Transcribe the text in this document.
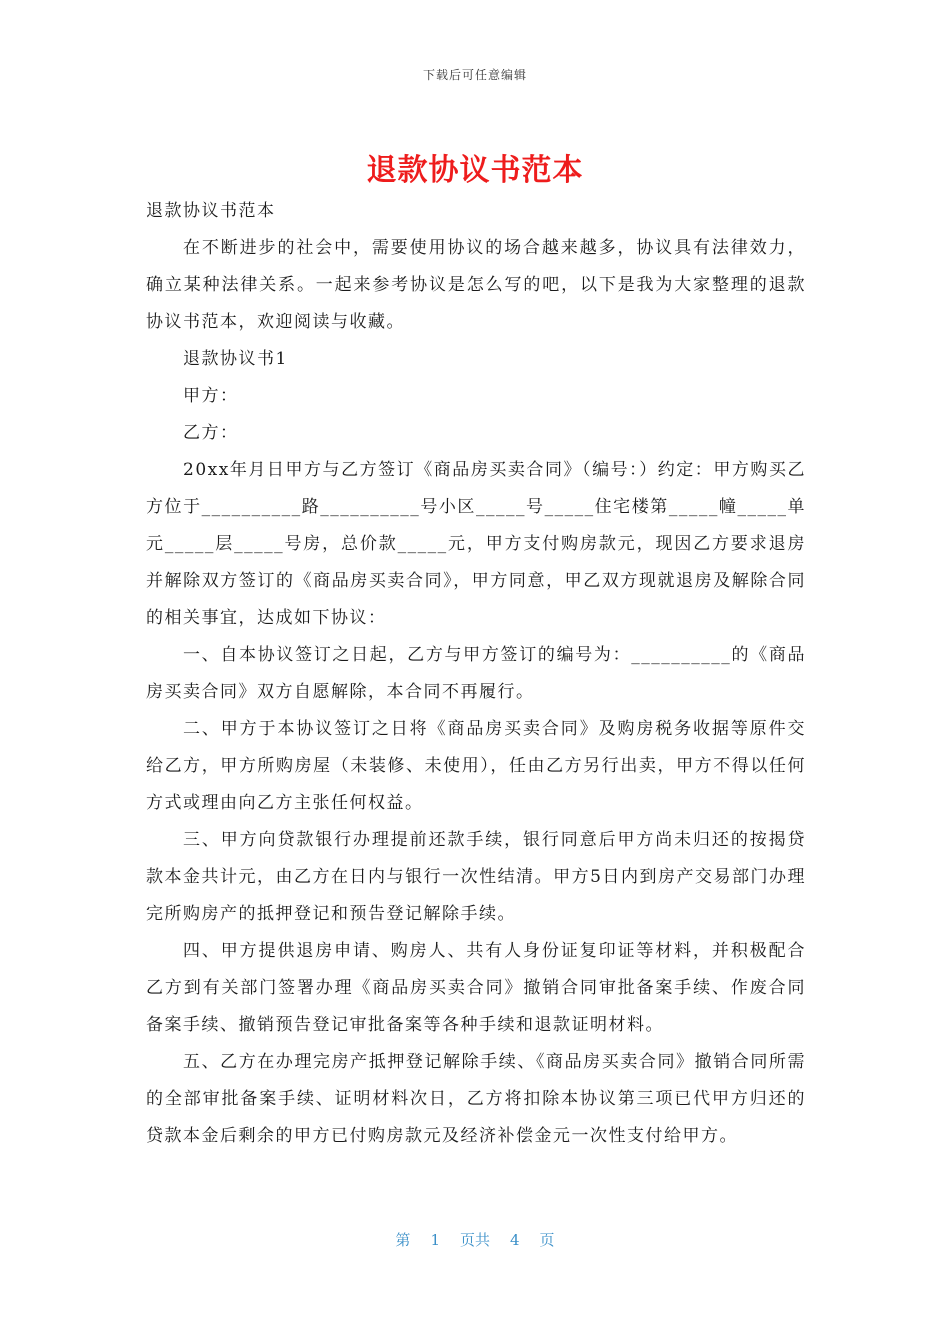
下载后可任意编辑
退款协议书范本

退款协议书范本

在不断进步的社会中，需要使用协议的场合越来越多，协议具有法律效力，确立某种法律关系。一起来参考协议是怎么写的吧，以下是我为大家整理的退款协议书范本，欢迎阅读与收藏。

退款协议书1

甲方：

乙方：

20xx年月日甲方与乙方签订《商品房买卖合同》（编号：）约定：甲方购买乙方位于__________路__________号小区_____号_____住宅楼第_____幢_____单元_____层_____号房，总价款_____元，甲方支付购房款元，现因乙方要求退房并解除双方签订的《商品房买卖合同》，甲方同意，甲乙双方现就退房及解除合同的相关事宜，达成如下协议：

一、自本协议签订之日起，乙方与甲方签订的编号为：__________的《商品房买卖合同》双方自愿解除，本合同不再履行。

二、甲方于本协议签订之日将《商品房买卖合同》及购房税务收据等原件交给乙方，甲方所购房屋（未装修、未使用），任由乙方另行出卖，甲方不得以任何方式或理由向乙方主张任何权益。

三、甲方向贷款银行办理提前还款手续，银行同意后甲方尚未归还的按揭贷款本金共计元，由乙方在日内与银行一次性结清。甲方5日内到房产交易部门办理完所购房产的抵押登记和预告登记解除手续。

四、甲方提供退房申请、购房人、共有人身份证复印证等材料，并积极配合乙方到有关部门签署办理《商品房买卖合同》撤销合同审批备案手续、作废合同备案手续、撤销预告登记审批备案等各种手续和退款证明材料。

五、乙方在办理完房产抵押登记解除手续、《商品房买卖合同》撤销合同所需的全部审批备案手续、证明材料次日，乙方将扣除本协议第三项已代甲方归还的贷款本金后剩余的甲方已付购房款元及经济补偿金元一次性支付给甲方。

第 1 页共 4 页
